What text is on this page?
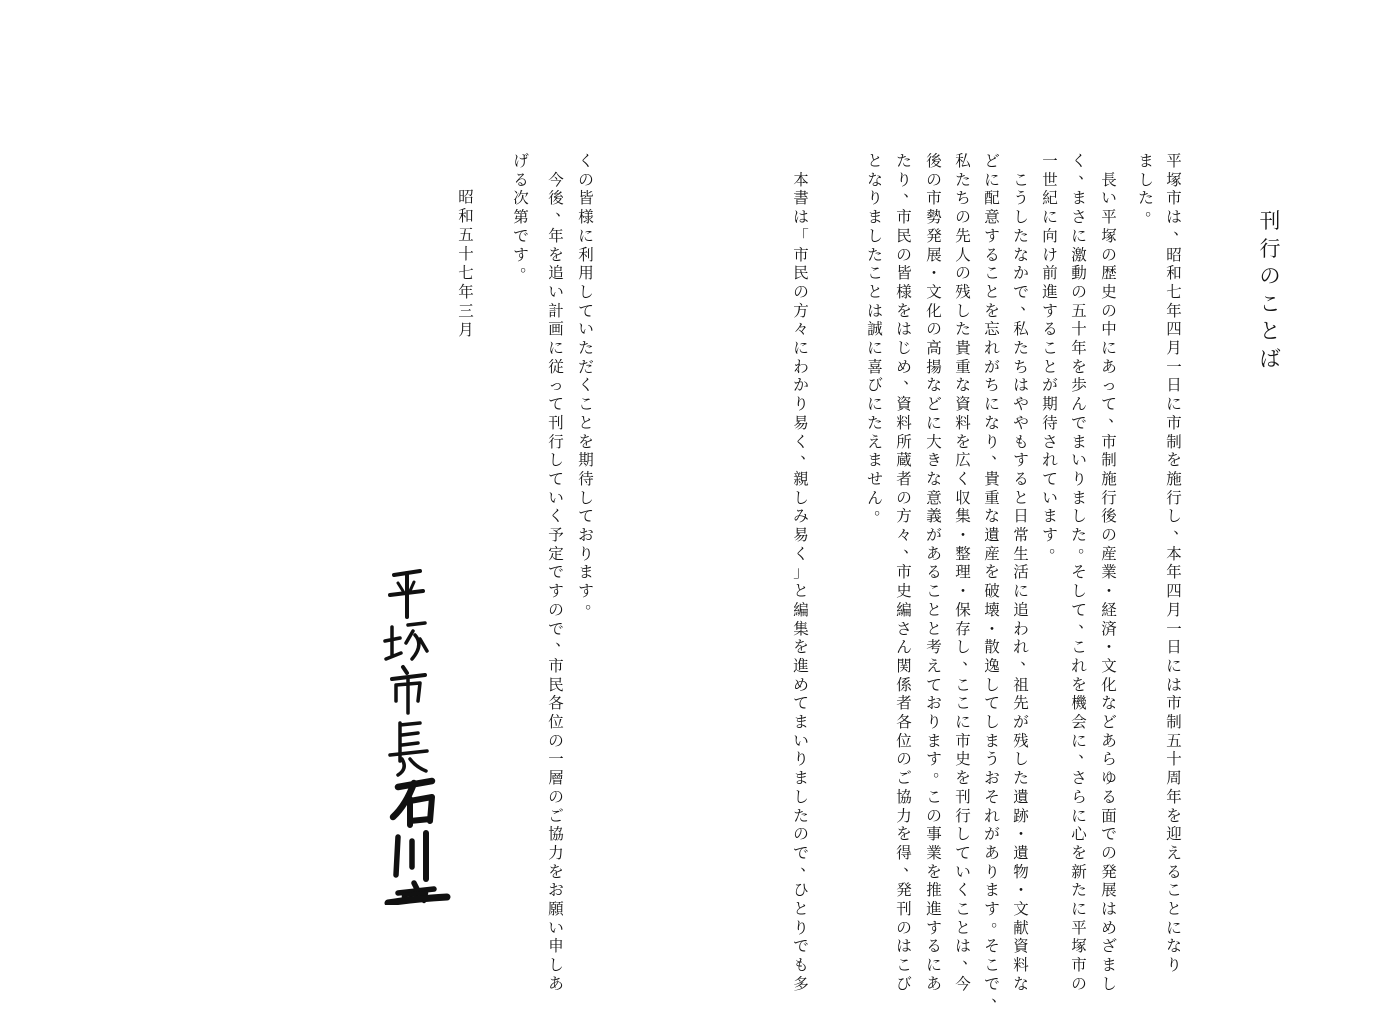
刊
行
の
こ
と
ば
平
塚
市
は
、
昭
和
七
年
四
月
一
日
に
市
制
を
施
行
し
、
本
年
四
月
一
日
に
は
市
制
五
十
周
年
を
迎
え
る
こ
と
に
な
り
ま
し
た
。

長
い
平
塚
の
歴
史
の
中
に
あ
っ
て
、
市
制
施
行
後
の
産
業
・
経
済
・
文
化
な
ど
あ
ら
ゆ
る
面
で
の
発
展
は
め
ざ
ま
し
く
、
ま
さ
に
激
動
の
五
十
年
を
歩
ん
で
ま
い
り
ま
し
た
。
そ
し
て
、
こ
れ
を
機
会
に
、
さ
ら
に
心
を
新
た
に
平
塚
市
の
一
世
紀
に
向
け
前
進
す
る
こ
と
が
期
待
さ
れ
て
い
ま
す
。

こ
う
し
た
な
か
で
、
私
た
ち
は
や
や
も
す
る
と
日
常
生
活
に
追
わ
れ
、
祖
先
が
残
し
た
遺
跡
・
遺
物
・
文
献
資
料
な
ど
に
配
意
す
る
こ
と
を
忘
れ
が
ち
に
な
り
、
貴
重
な
遺
産
を
破
壊
・
散
逸
し
て
し
ま
う
お
そ
れ
が
あ
り
ま
す
。
そ
こ
で
、
私
た
ち
の
先
人
の
残
し
た
貴
重
な
資
料
を
広
く
収
集
・
整
理
・
保
存
し
、
こ
こ
に
市
史
を
刊
行
し
て
い
く
こ
と
は
、
今
後
の
市
勢
発
展
・
文
化
の
高
揚
な
ど
に
大
き
な
意
義
が
あ
る
こ
と
と
考
え
て
お
り
ま
す
。
こ
の
事
業
を
推
進
す
る
に
あ
た
り
、
市
民
の
皆
様
を
は
じ
め
、
資
料
所
蔵
者
の
方
々
、
市
史
編
さ
ん
関
係
者
各
位
の
ご
協
力
を
得
、
発
刊
の
は
こ
び
と
な
り
ま
し
た
こ
と
は
誠
に
喜
び
に
た
え
ま
せ
ん
。

本
書
は
「
市
民
の
方
々
に
わ
か
り
易
く
、
親
し
み
易
く
」
と
編
集
を
進
め
て
ま
い
り
ま
し
た
の
で
、
ひ
と
り
で
も
多
く
の
皆
様
に
利
用
し
て
い
た
だ
く
こ
と
を
期
待
し
て
お
り
ま
す
。

今
後
、
年
を
追
い
計
画
に
従
っ
て
刊
行
し
て
い
く
予
定
で
す
の
で
、
市
民
各
位
の
一
層
の
ご
協
力
を
お
願
い
申
し
あ
げ
る
次
第
で
す
。
昭
和
五
十
七
年
三
月
